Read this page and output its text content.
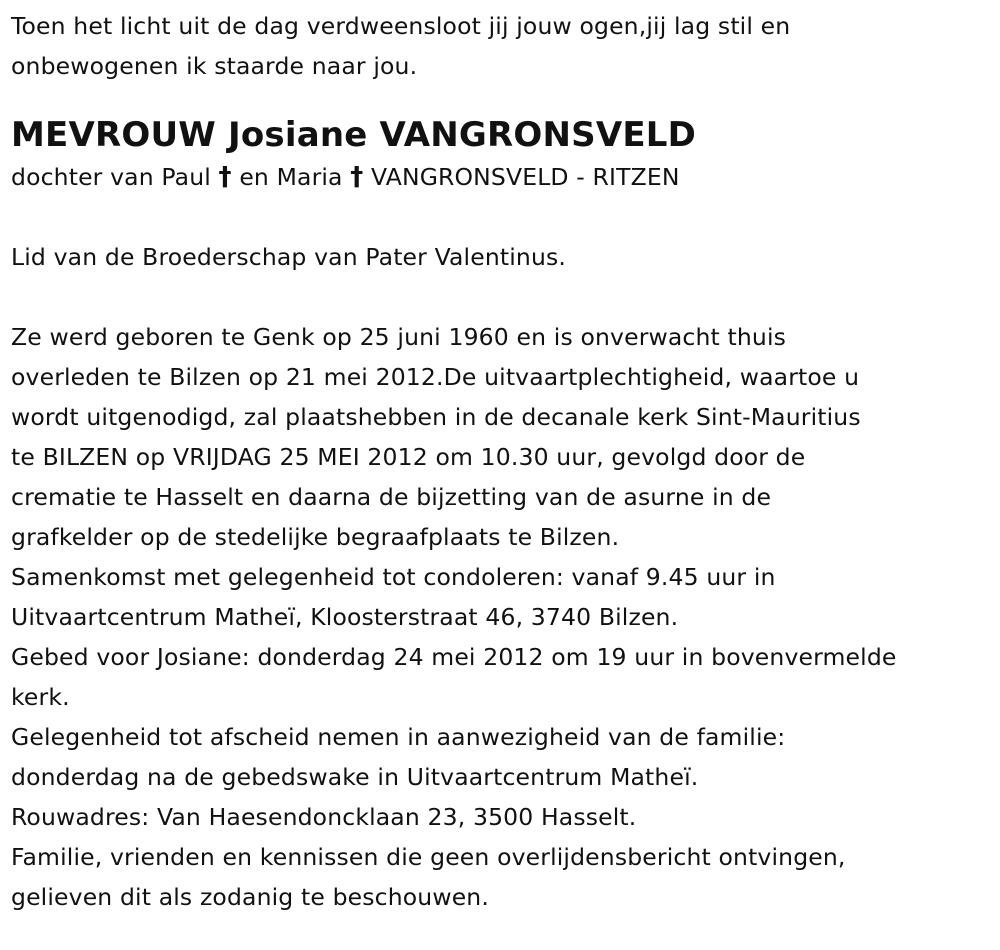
Toen het licht uit de dag verdweensloot jij jouw ogen,jij lag stil en
onbewogenen ik staarde naar jou.
MEVROUW Josiane VANGRONSVELD
dochter van Paul † en Maria † VANGRONSVELD - RITZEN
Lid van de Broederschap van Pater Valentinus.
Ze werd geboren te Genk op 25 juni 1960 en is onverwacht thuis
overleden te Bilzen op 21 mei 2012.De uitvaartplechtigheid, waartoe u
wordt uitgenodigd, zal plaatshebben in de decanale kerk Sint-Mauritius
te BILZEN op VRIJDAG 25 MEI 2012 om 10.30 uur, gevolgd door de
crematie te Hasselt en daarna de bijzetting van de asurne in de
grafkelder op de stedelijke begraafplaats te Bilzen.
Samenkomst met gelegenheid tot condoleren: vanaf 9.45 uur in
Uitvaartcentrum Matheï, Kloosterstraat 46, 3740 Bilzen.
Gebed voor Josiane: donderdag 24 mei 2012 om 19 uur in bovenvermelde
kerk.
Gelegenheid tot afscheid nemen in aanwezigheid van de familie:
donderdag na de gebedswake in Uitvaartcentrum Matheï.
Rouwadres: Van Haesendoncklaan 23, 3500 Hasselt.
Familie, vrienden en kennissen die geen overlijdensbericht ontvingen,
gelieven dit als zodanig te beschouwen.
